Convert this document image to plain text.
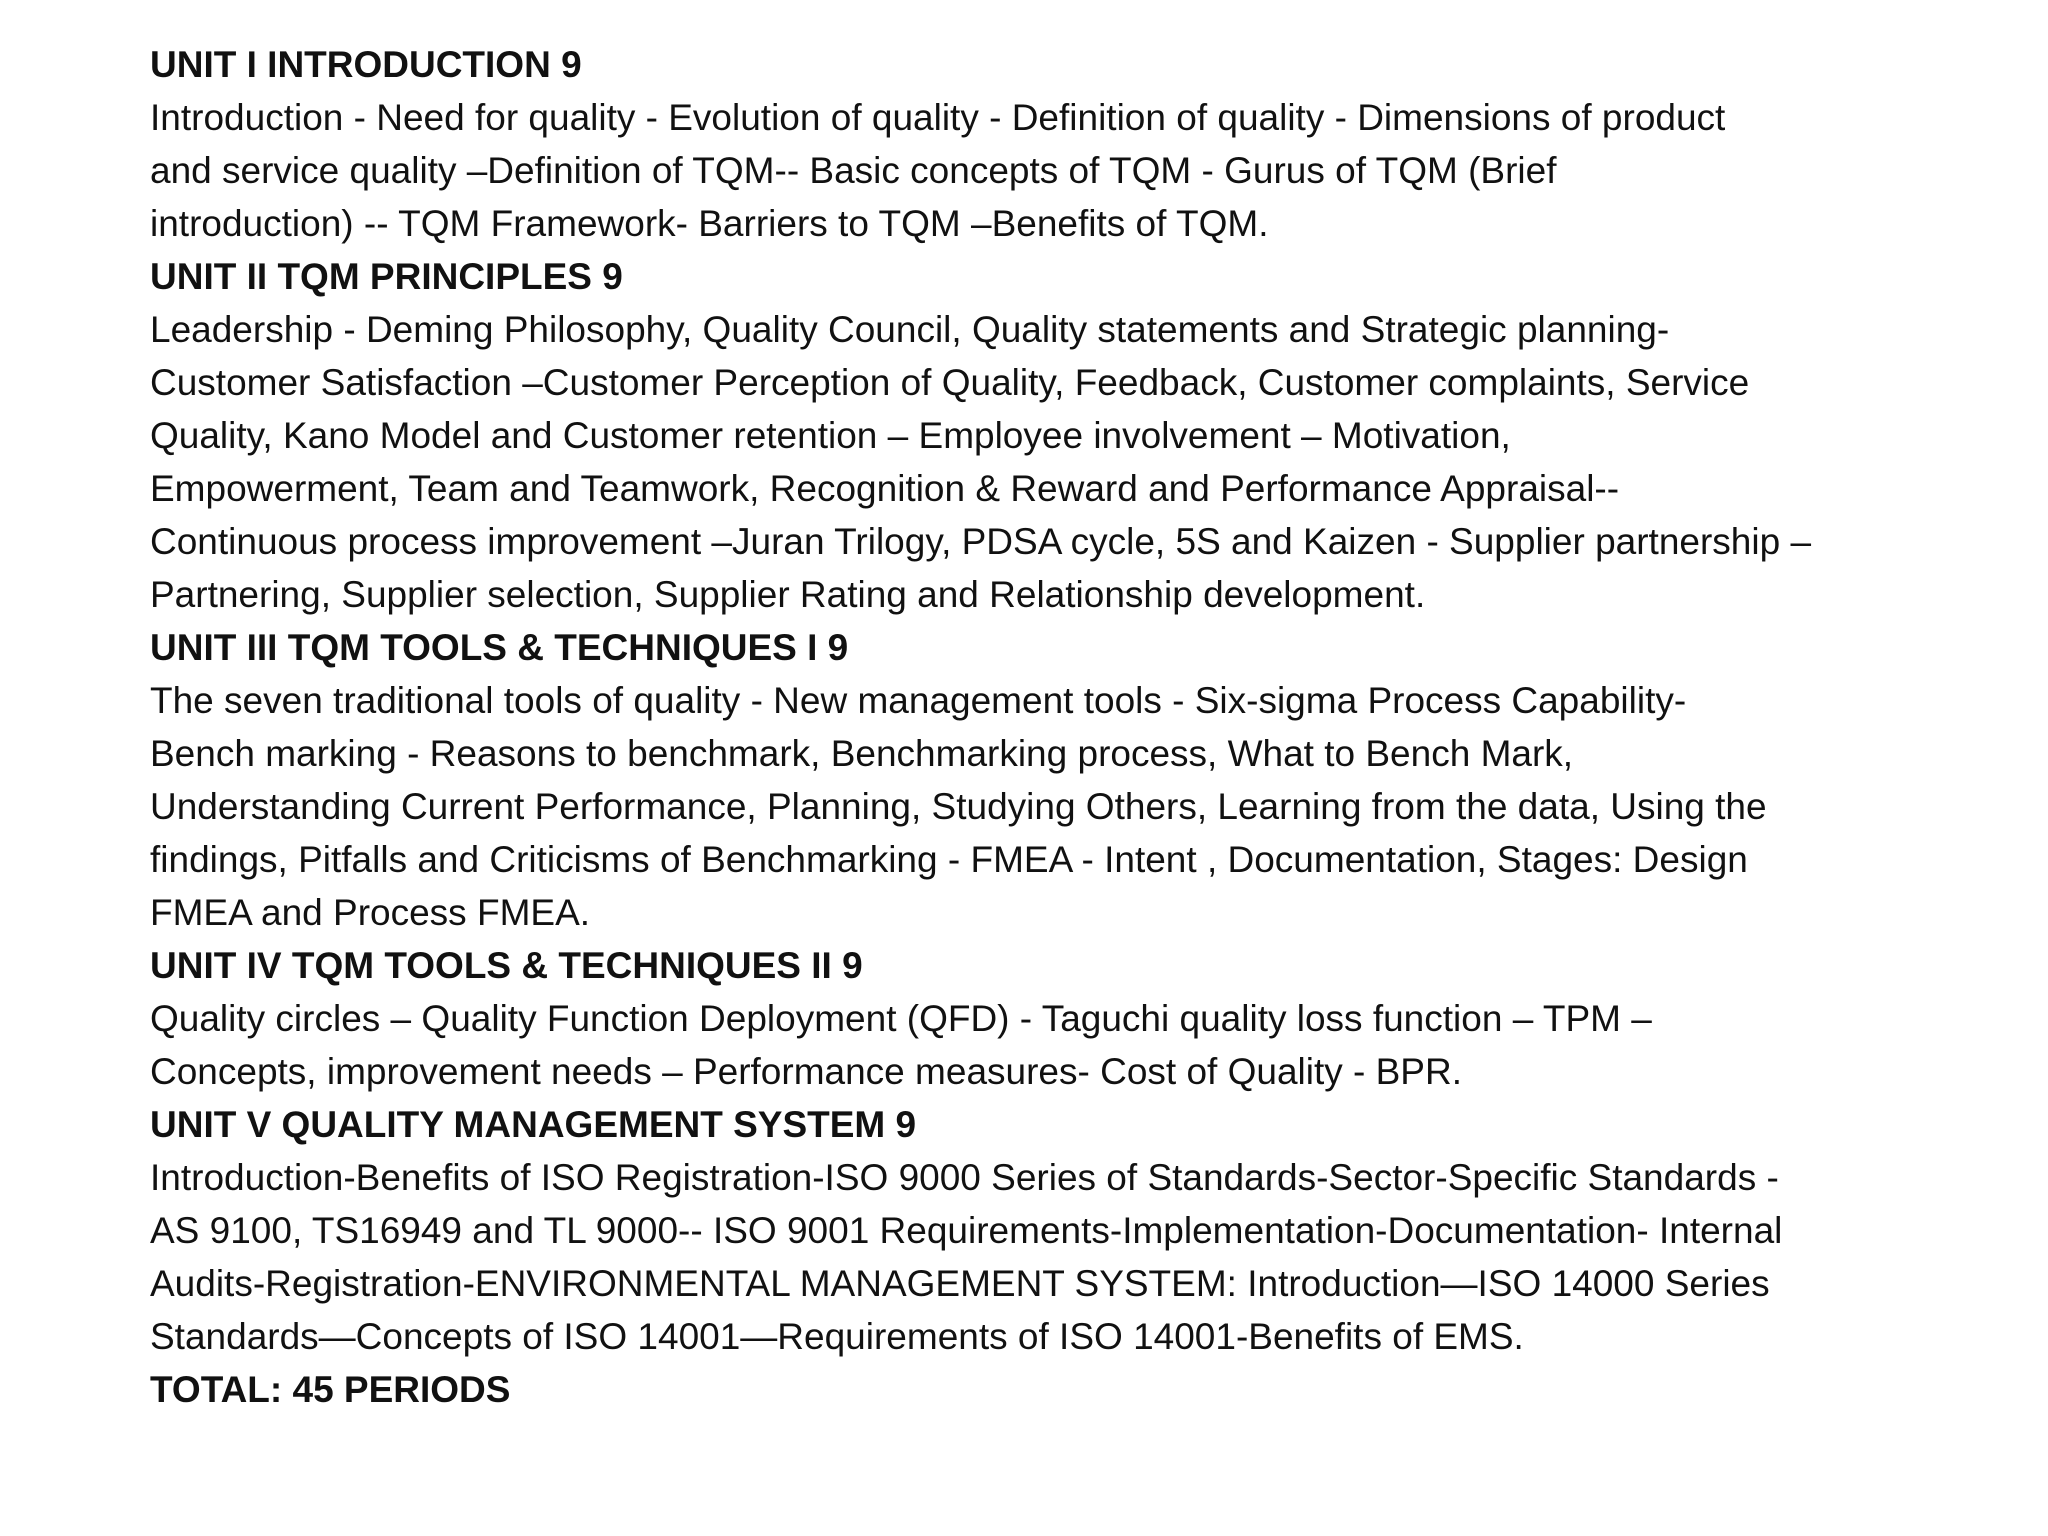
UNIT I INTRODUCTION 9

Introduction - Need for quality - Evolution of quality - Definition of quality - Dimensions of product

and service quality –Definition of TQM-- Basic concepts of TQM - Gurus of TQM (Brief

introduction) -- TQM Framework- Barriers to TQM –Benefits of TQM.

UNIT II TQM PRINCIPLES 9

Leadership - Deming Philosophy, Quality Council, Quality statements and Strategic planning-

Customer Satisfaction –Customer Perception of Quality, Feedback, Customer complaints, Service

Quality, Kano Model and Customer retention – Employee involvement – Motivation,

Empowerment, Team and Teamwork, Recognition & Reward and Performance Appraisal--

Continuous process improvement –Juran Trilogy, PDSA cycle, 5S and Kaizen - Supplier partnership –

Partnering, Supplier selection, Supplier Rating and Relationship development.

UNIT III TQM TOOLS & TECHNIQUES I 9

The seven traditional tools of quality - New management tools - Six-sigma Process Capability-

Bench marking - Reasons to benchmark, Benchmarking process, What to Bench Mark,

Understanding Current Performance, Planning, Studying Others, Learning from the data, Using the

findings, Pitfalls and Criticisms of Benchmarking - FMEA - Intent , Documentation, Stages: Design

FMEA and Process FMEA.

UNIT IV TQM TOOLS & TECHNIQUES II 9

Quality circles – Quality Function Deployment (QFD) - Taguchi quality loss function – TPM –

Concepts, improvement needs – Performance measures- Cost of Quality - BPR.

UNIT V QUALITY MANAGEMENT SYSTEM 9

Introduction-Benefits of ISO Registration-ISO 9000 Series of Standards-Sector-Specific Standards -

AS 9100, TS16949 and TL 9000-- ISO 9001 Requirements-Implementation-Documentation- Internal

Audits-Registration-ENVIRONMENTAL MANAGEMENT SYSTEM: Introduction—ISO 14000 Series

Standards—Concepts of ISO 14001—Requirements of ISO 14001-Benefits of EMS.

TOTAL: 45 PERIODS
